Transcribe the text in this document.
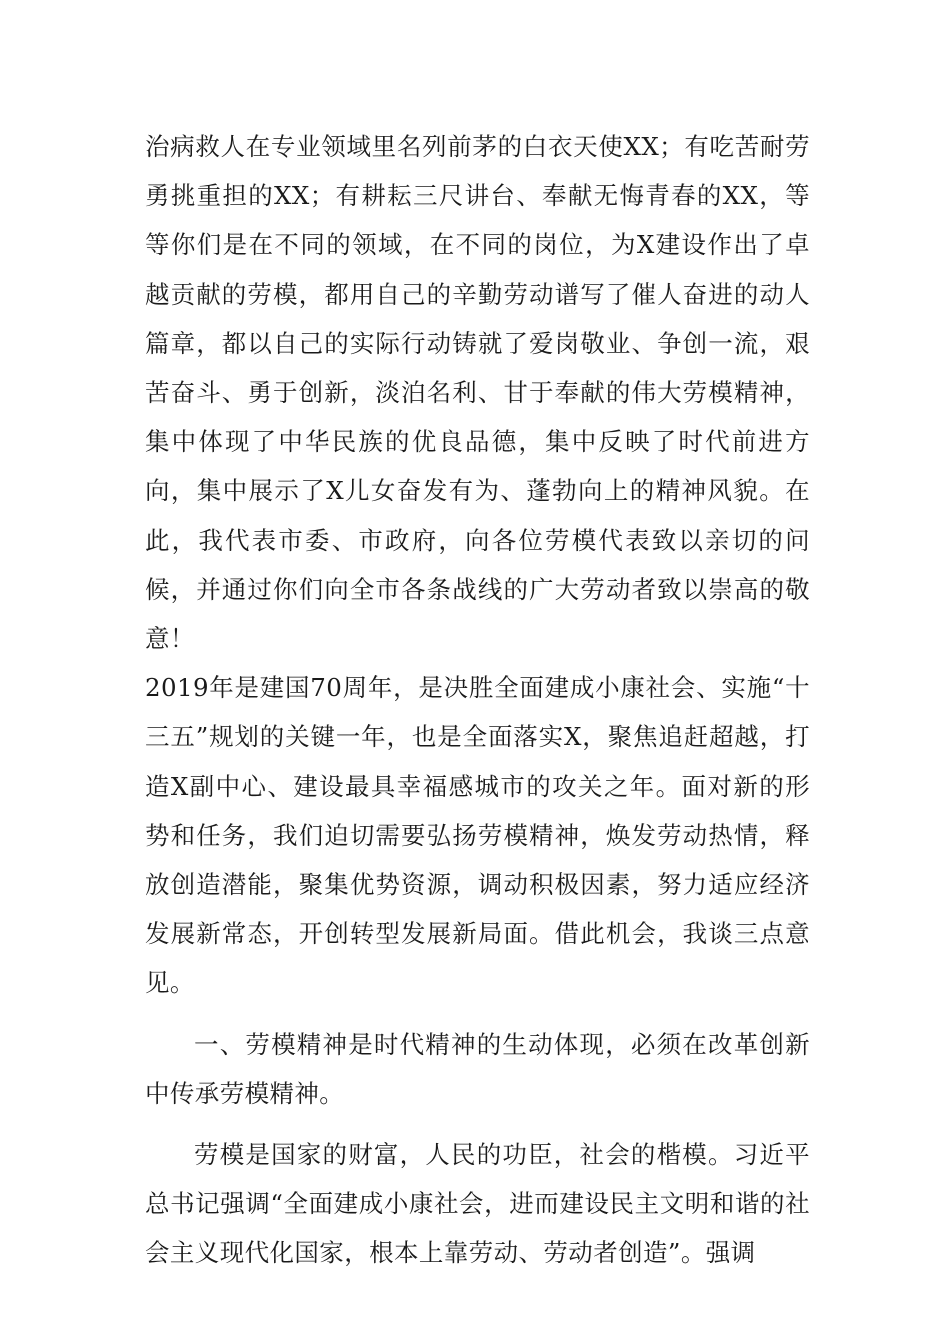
治病救人在专业领域里名列前茅的白衣天使XX；有吃苦耐劳勇挑重担的XX；有耕耘三尺讲台、奉献无悔青春的XX，等等你们是在不同的领域，在不同的岗位，为X建设作出了卓越贡献的劳模，都用自己的辛勤劳动谱写了催人奋进的动人篇章，都以自己的实际行动铸就了爱岗敬业、争创一流，艰苦奋斗、勇于创新，淡泊名利、甘于奉献的伟大劳模精神，集中体现了中华民族的优良品德，集中反映了时代前进方向，集中展示了X儿女奋发有为、蓬勃向上的精神风貌。在此，我代表市委、市政府，向各位劳模代表致以亲切的问候，并通过你们向全市各条战线的广大劳动者致以崇高的敬意！

2019年是建国70周年，是决胜全面建成小康社会、实施“十三五”规划的关键一年，也是全面落实X，聚焦追赶超越，打造X副中心、建设最具幸福感城市的攻关之年。面对新的形势和任务，我们迫切需要弘扬劳模精神，焕发劳动热情，释放创造潜能，聚集优势资源，调动积极因素，努力适应经济发展新常态，开创转型发展新局面。借此机会，我谈三点意见。

一、劳模精神是时代精神的生动体现，必须在改革创新中传承劳模精神。

劳模是国家的财富，人民的功臣，社会的楷模。习近平总书记强调“全面建成小康社会，进而建设民主文明和谐的社会主义现代化国家，根本上靠劳动、劳动者创造”。强调
